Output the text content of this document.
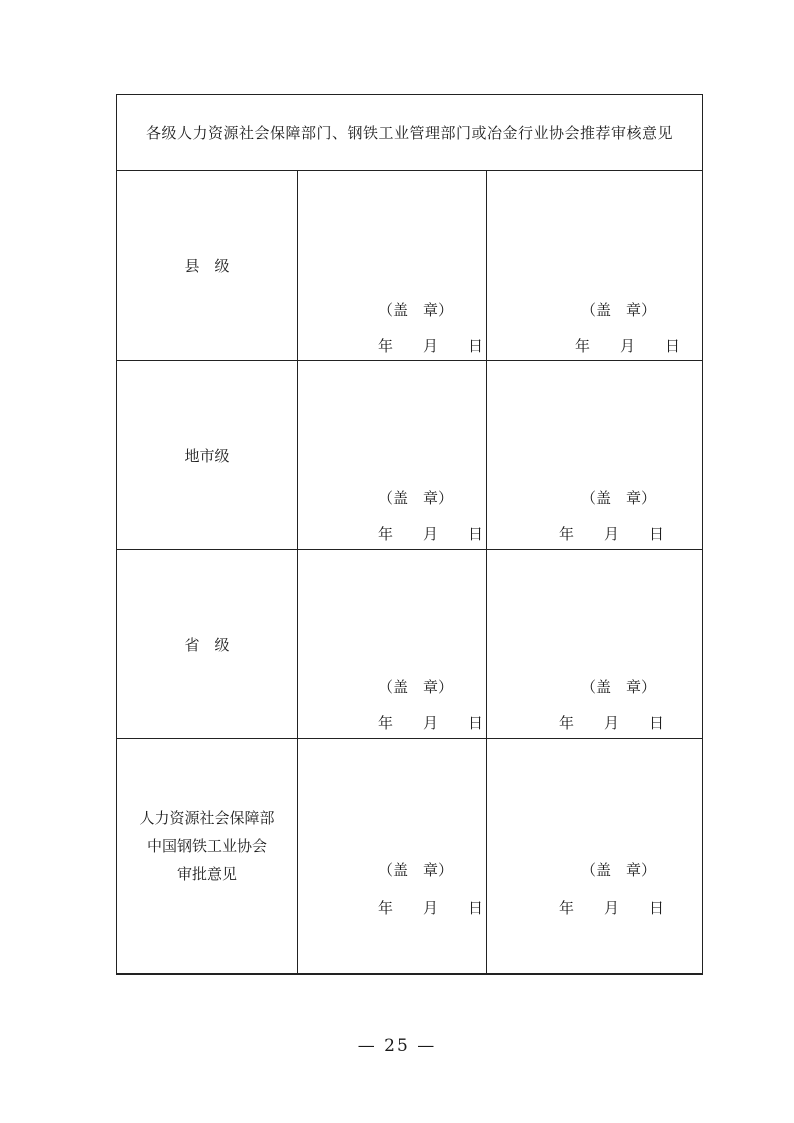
各级人力资源社会保障部门、钢铁工业管理部门或冶金行业协会推荐审核意见
县　级
（盖　章）
年　　月　　日
（盖　章）
年　　月　　日
地市级
（盖　章）
年　　月　　日
（盖　章）
年　　月　　日
省　级
（盖　章）
年　　月　　日
（盖　章）
年　　月　　日
人力资源社会保障部
中国钢铁工业协会
审批意见	（盖　章）
年　　月　　日
（盖　章）
年　　月　　日
— 25 —
